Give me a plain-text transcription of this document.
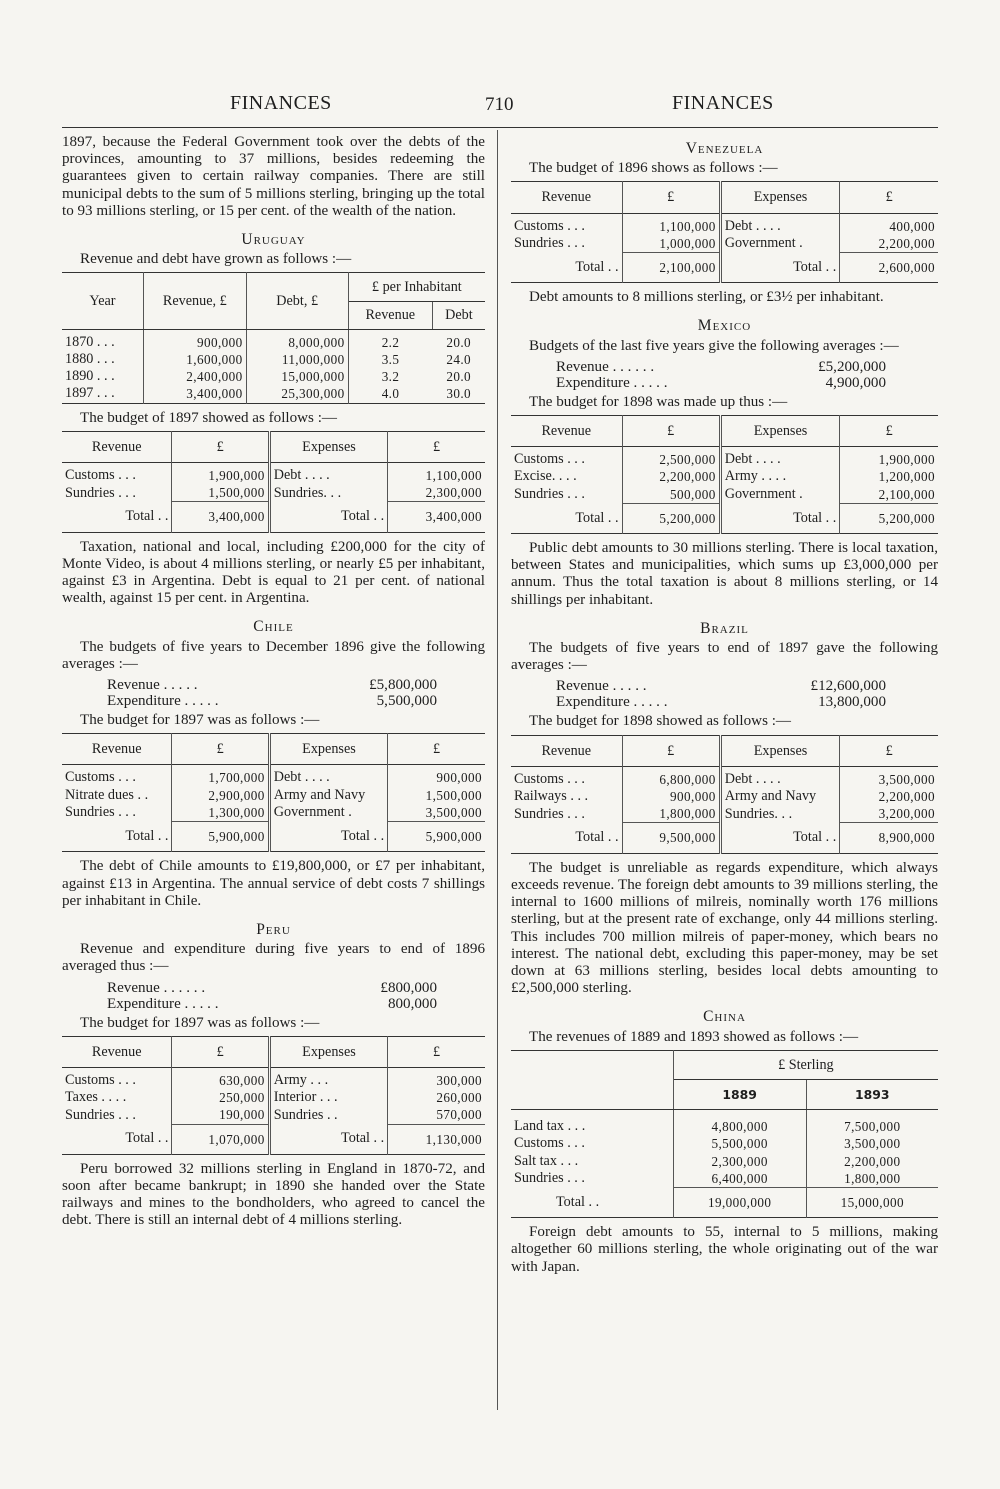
FINANCES	710	FINANCES

1897, because the Federal Government took over the debts of the provinces, amounting to 37 millions, besides redeeming the guarantees given to certain railway companies. There are still municipal debts to the sum of 5 millions sterling, bringing up the total to 93 millions sterling, or 15 per cent. of the wealth of the nation.

Uruguay

Revenue and debt have grown as follows :—

Year	Revenue, £	Debt, £	£ per Inhabitant	
			Revenue	Debt

1870 . . .	900,000	8,000,000	2.2	20.0
1880 . . .	1,600,000	11,000,000	3.5	24.0
1890 . . .	2,400,000	15,000,000	3.2	20.0
1897 . . .	3,400,000	25,300,000	4.0	30.0

The budget of 1897 showed as follows :—

Revenue	£	Expenses	£

Customs . . .	1,900,000	Debt . . . .	1,100,000
Sundries . . .	1,500,000	Sundries. . .	2,300,000
Total . .	3,400,000	Total . .	3,400,000

Taxation, national and local, including £200,000 for the city of Monte Video, is about 4 millions sterling, or nearly £5 per inhabitant, against £3 in Argentina. Debt is equal to 21 per cent. of national wealth, against 15 per cent. in Argentina.

Chile

The budgets of five years to December 1896 give the following averages :—

Revenue . . . . .	£5,800,000
Expenditure . . . . .	5,500,000

The budget for 1897 was as follows :—

Revenue	£	Expenses	£

Customs . . .	1,700,000	Debt . . . .	900,000
Nitrate dues . .	2,900,000	Army and Navy	1,500,000
Sundries . . .	1,300,000	Government .	3,500,000
Total . .	5,900,000	Total . .	5,900,000

The debt of Chile amounts to £19,800,000, or £7 per inhabitant, against £13 in Argentina. The annual service of debt costs 7 shillings per inhabitant in Chile.

Peru

Revenue and expenditure during five years to end of 1896 averaged thus :—

Revenue . . . . . .	£800,000
Expenditure . . . . .	800,000

The budget for 1897 was as follows :—

Revenue	£	Expenses	£

Customs . . .	630,000	Army . . .	300,000
Taxes . . . .	250,000	Interior . . .	260,000
Sundries . . .	190,000	Sundries . .	570,000
Total . .	1,070,000	Total . .	1,130,000

Peru borrowed 32 millions sterling in England in 1870-72, and soon after became bankrupt; in 1890 she handed over the State railways and mines to the bondholders, who agreed to cancel the debt. There is still an internal debt of 4 millions sterling.

Venezuela

The budget of 1896 shows as follows :—

Revenue	£	Expenses	£

Customs . . .	1,100,000	Debt . . . .	400,000
Sundries . . .	1,000,000	Government .	2,200,000
Total . .	2,100,000	Total . .	2,600,000

Debt amounts to 8 millions sterling, or £3½ per inhabitant.

Mexico

Budgets of the last five years give the following averages :—

Revenue . . . . . .	£5,200,000
Expenditure . . . . .	4,900,000

The budget for 1898 was made up thus :—

Revenue	£	Expenses	£

Customs . . .	2,500,000	Debt . . . .	1,900,000
Excise. . . .	2,200,000	Army . . . .	1,200,000
Sundries . . .	500,000	Government .	2,100,000
Total . .	5,200,000	Total . .	5,200,000

Public debt amounts to 30 millions sterling. There is local taxation, between States and municipalities, which sums up £3,000,000 per annum. Thus the total taxation is about 8 millions sterling, or 14 shillings per inhabitant.

Brazil

The budgets of five years to end of 1897 gave the following averages :—

Revenue . . . . .	£12,600,000
Expenditure . . . . .	13,800,000

The budget for 1898 showed as follows :—

Revenue	£	Expenses	£

Customs . . .	6,800,000	Debt . . . .	3,500,000
Railways . . .	900,000	Army and Navy	2,200,000
Sundries . . .	1,800,000	Sundries. . .	3,200,000
Total . .	9,500,000	Total . .	8,900,000

The budget is unreliable as regards expenditure, which always exceeds revenue. The foreign debt amounts to 39 millions sterling, the internal to 1600 millions of milreis, nominally worth 176 millions sterling, but at the present rate of exchange, only 44 millions sterling. This includes 700 million milreis of paper-money, which bears no interest. The national debt, excluding this paper-money, may be set down at 63 millions sterling, besides local debts amounting to £2,500,000 sterling.

China

The revenues of 1889 and 1893 showed as follows :—

	£ Sterling	
	1889	1893

Land tax . . .	4,800,000	7,500,000
Customs . . .	5,500,000	3,500,000
Salt tax . . .	2,300,000	2,200,000
Sundries . . .	6,400,000	1,800,000
Total . .	19,000,000	15,000,000

Foreign debt amounts to 55, internal to 5 millions, making altogether 60 millions sterling, the whole originating out of the war with Japan.
